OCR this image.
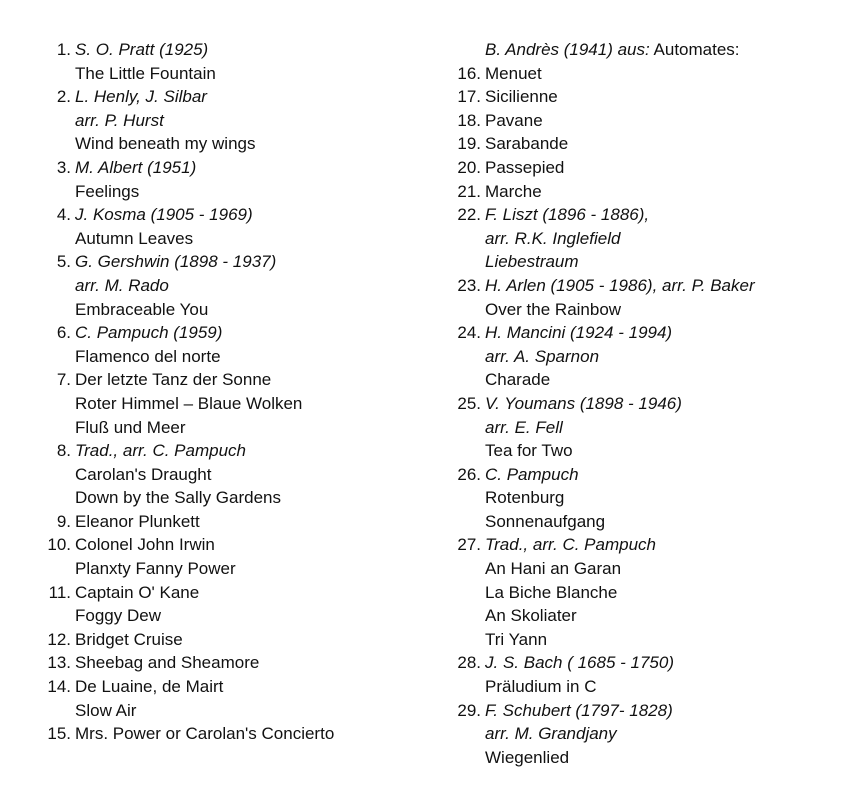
1. S. O. Pratt (1925)
The Little Fountain
2. L. Henly, J. Silbar
arr. P. Hurst
Wind beneath my wings
3. M. Albert (1951)
Feelings
4. J. Kosma (1905 - 1969)
Autumn Leaves
5. G. Gershwin (1898 - 1937)
arr. M. Rado
Embraceable You
6. C. Pampuch (1959)
Flamenco del norte
7. Der letzte Tanz der Sonne
Roter Himmel – Blaue Wolken
Fluß und Meer
8. Trad., arr. C. Pampuch
Carolan's Draught
Down by the Sally Gardens
9. Eleanor Plunkett
10. Colonel John Irwin
Planxty Fanny Power
11. Captain O' Kane
Foggy Dew
12. Bridget Cruise
13. Sheebag and Sheamore
14. De Luaine, de Mairt
Slow Air
15. Mrs. Power or Carolan's Concierto
B. Andrès (1941) aus: Automates:
16. Menuet
17. Sicilienne
18. Pavane
19. Sarabande
20. Passepied
21. Marche
22. F. Liszt (1896 - 1886),
arr. R.K. Inglefield
Liebestraum
23. H. Arlen (1905 - 1986), arr. P. Baker
Over the Rainbow
24. H. Mancini (1924 - 1994)
arr. A. Sparnon
Charade
25. V. Youmans (1898 - 1946)
arr. E. Fell
Tea for Two
26. C. Pampuch
Rotenburg
Sonnenaufgang
27. Trad., arr. C. Pampuch
An Hani an Garan
La Biche Blanche
An Skoliater
Tri Yann
28. J. S. Bach ( 1685 - 1750)
Präludium in C
29. F. Schubert (1797- 1828)
arr. M. Grandjany
Wiegenlied
